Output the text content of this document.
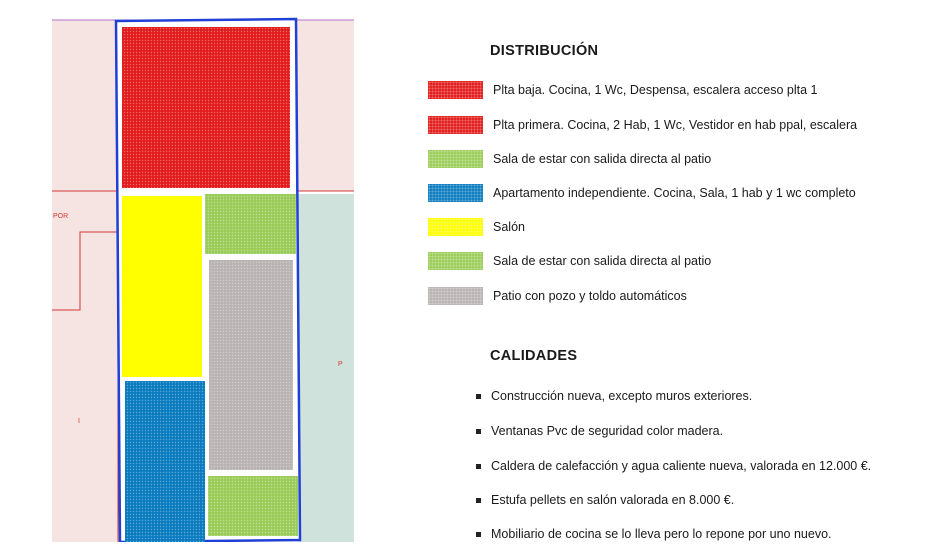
POR
P
I
DISTRIBUCIÓN
Plta baja. Cocina, 1 Wc, Despensa, escalera acceso plta 1
Plta primera. Cocina, 2 Hab, 1 Wc, Vestidor en hab ppal, escalera
Sala de estar con salida directa al patio
Apartamento independiente. Cocina, Sala, 1 hab y 1 wc completo
Salón
Sala de estar con salida directa al patio
Patio con pozo y toldo automáticos
CALIDADES
Construcción nueva, excepto muros exteriores.
Ventanas Pvc de seguridad color madera.
Caldera de calefacción y agua caliente nueva, valorada en 12.000 €.
Estufa pellets en salón valorada en 8.000 €.
Mobiliario de cocina se lo lleva pero lo repone por uno nuevo.
